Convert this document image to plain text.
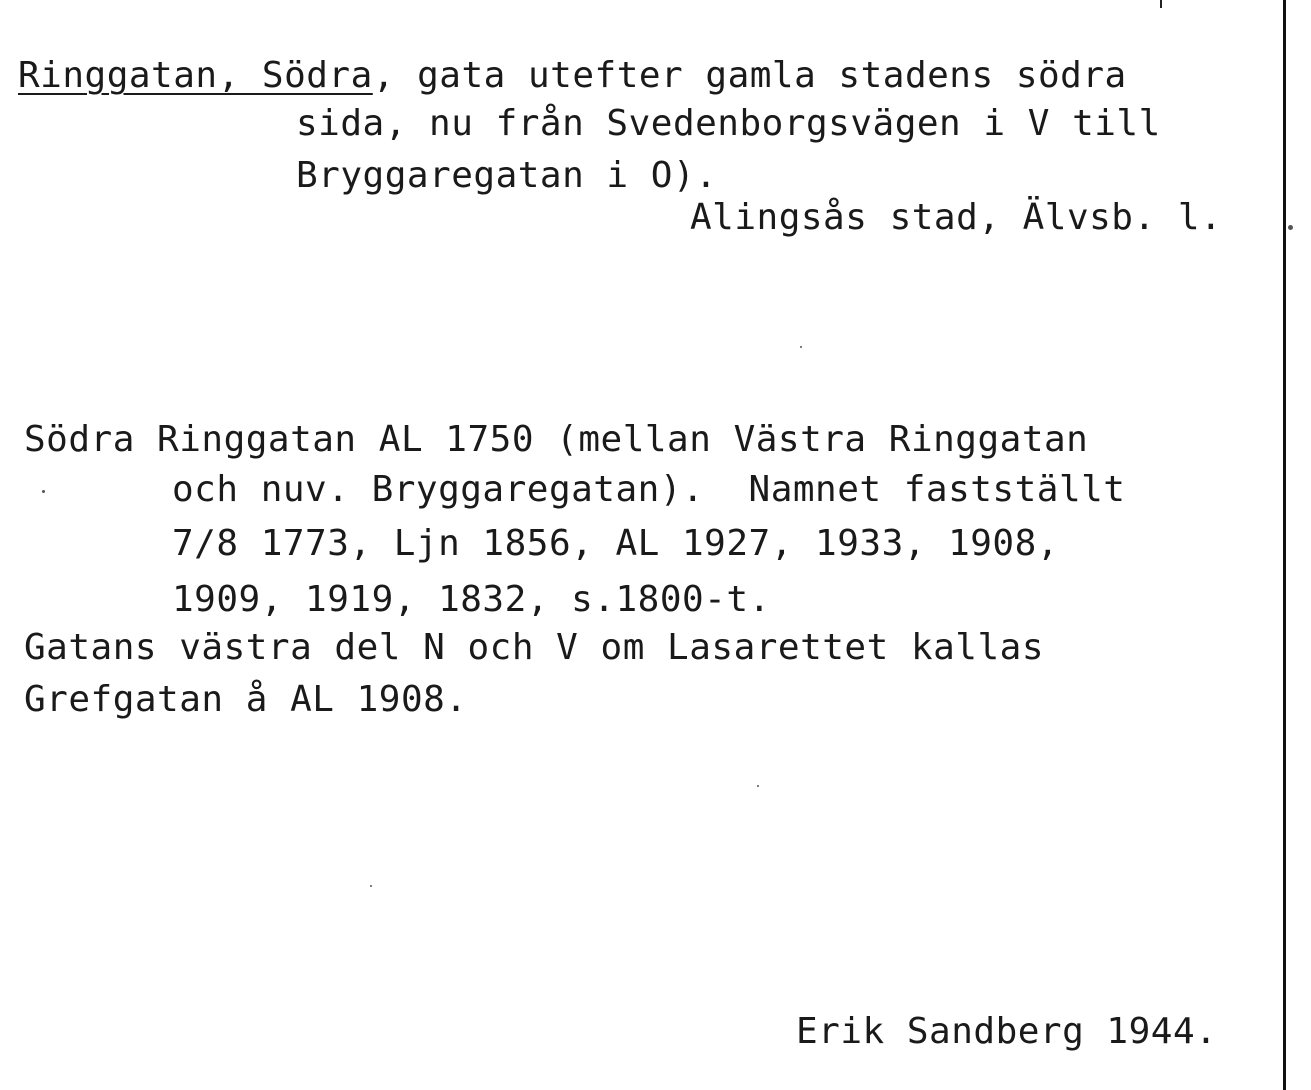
Ringgatan, Södra, gata utefter gamla stadens södra
sida, nu från Svedenborgsvägen i V till
Bryggaregatan i O).
Alingsås stad, Älvsb. l.
Södra Ringgatan AL 1750 (mellan Västra Ringgatan
och nuv. Bryggaregatan).  Namnet fastställt
7/8 1773, Ljn 1856, AL 1927, 1933, 1908,
1909, 1919, 1832, s.1800-t.
Gatans västra del N och V om Lasarettet kallas
Grefgatan å AL 1908.
Erik Sandberg 1944.
